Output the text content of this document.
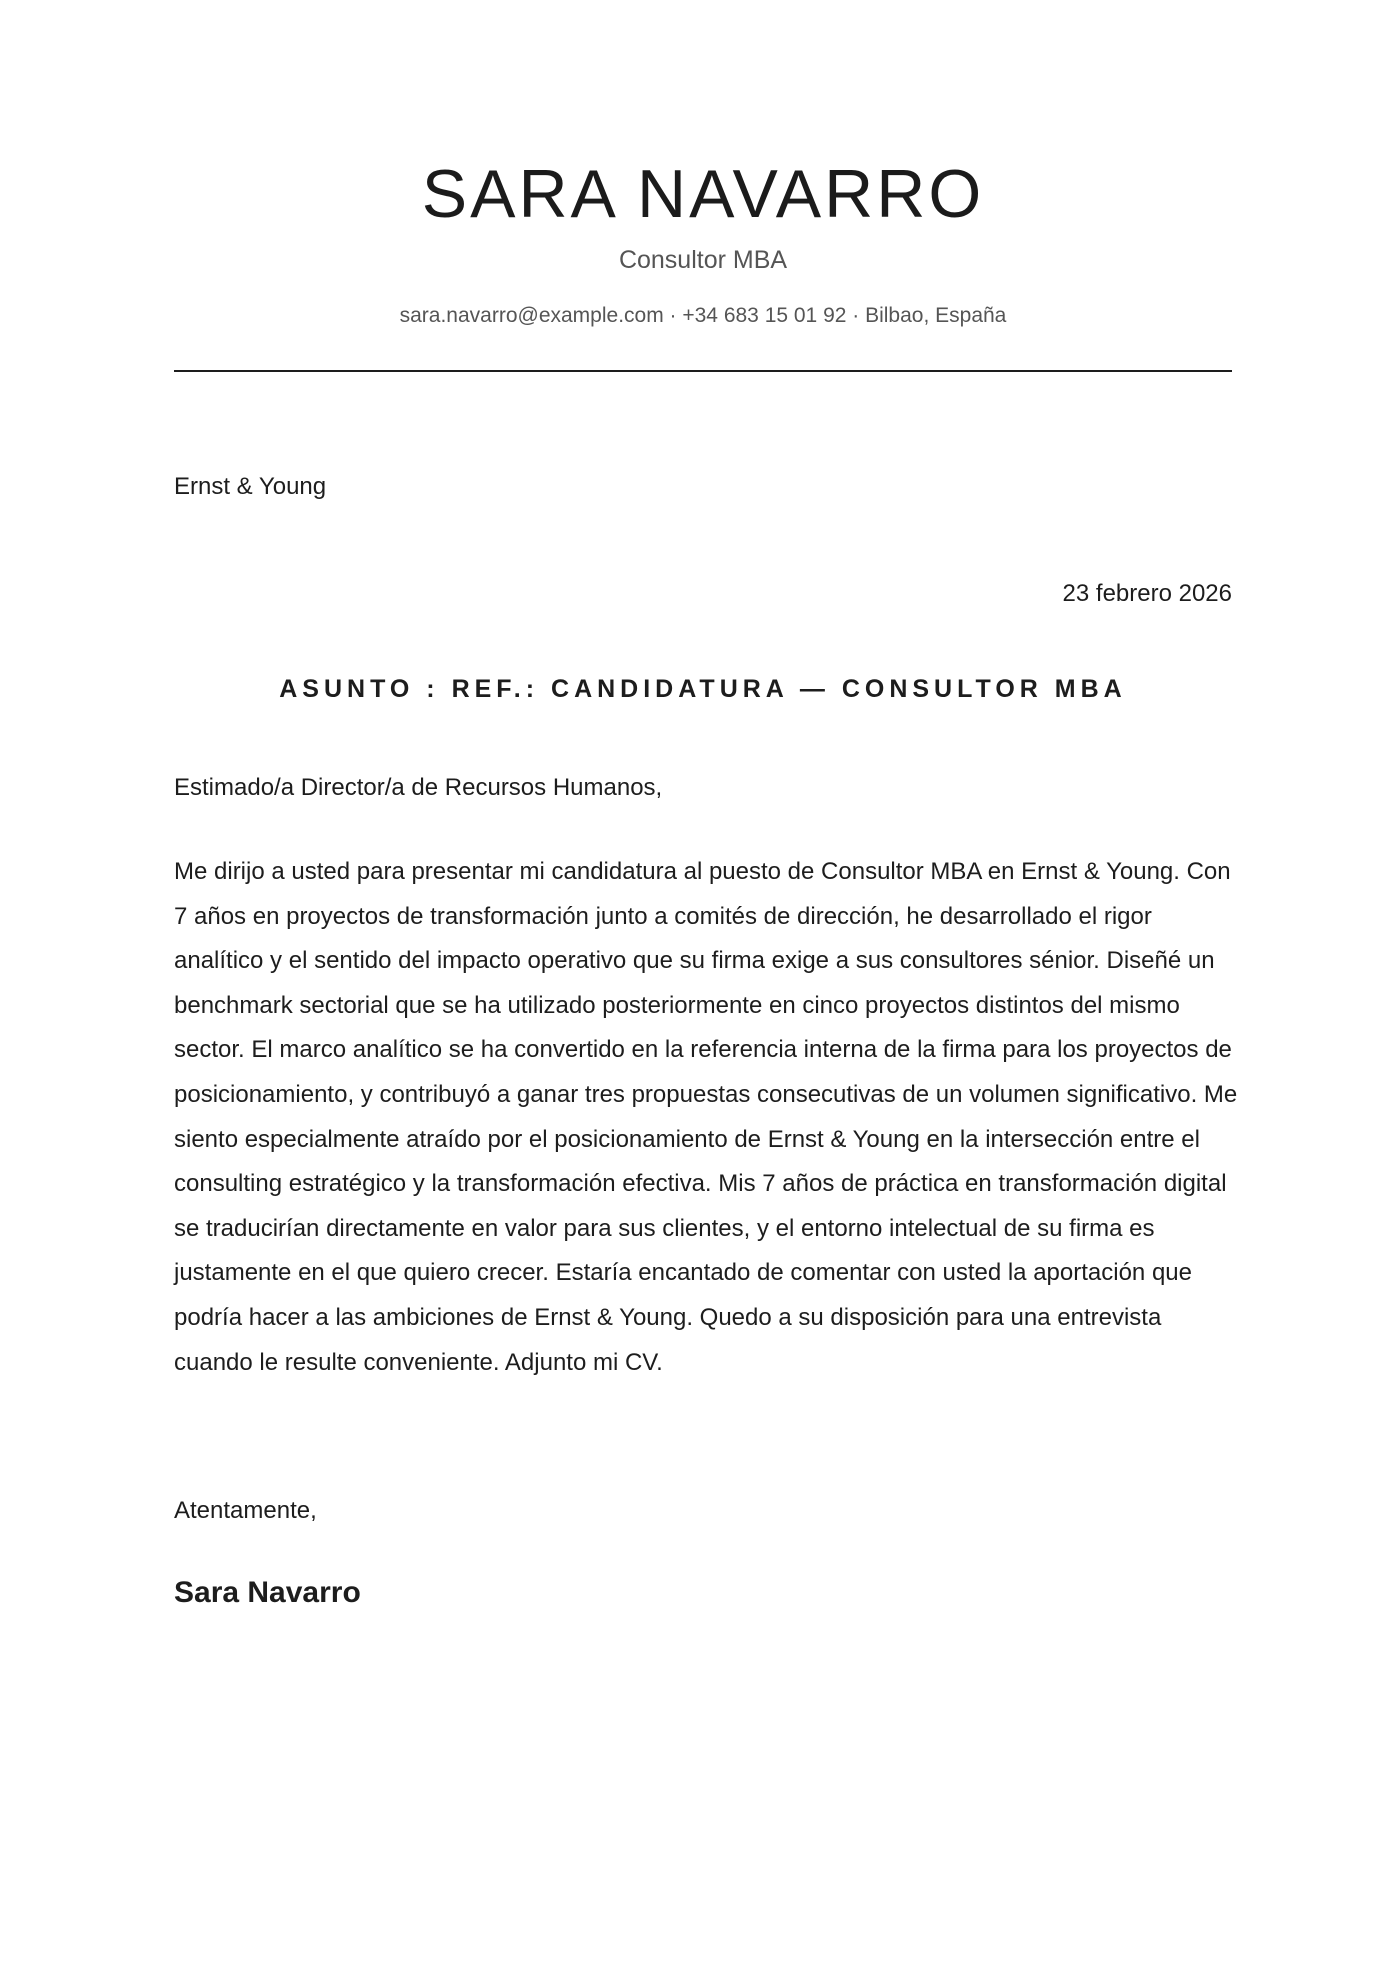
SARA NAVARRO
Consultor MBA
sara.navarro@example.com · +34 683 15 01 92 · Bilbao, España
Ernst & Young
23 febrero 2026
ASUNTO : REF.: CANDIDATURA — CONSULTOR MBA
Estimado/a Director/a de Recursos Humanos,

Me dirijo a usted para presentar mi candidatura al puesto de Consultor MBA en Ernst & Young. Con 7 años en proyectos de transformación junto a comités de dirección, he desarrollado el rigor analítico y el sentido del impacto operativo que su firma exige a sus consultores sénior. Diseñé un benchmark sectorial que se ha utilizado posteriormente en cinco proyectos distintos del mismo sector. El marco analítico se ha convertido en la referencia interna de la firma para los proyectos de posicionamiento, y contribuyó a ganar tres propuestas consecutivas de un volumen significativo. Me siento especialmente atraído por el posicionamiento de Ernst & Young en la intersección entre el consulting estratégico y la transformación efectiva. Mis 7 años de práctica en transformación digital se traducirían directamente en valor para sus clientes, y el entorno intelectual de su firma es justamente en el que quiero crecer. Estaría encantado de comentar con usted la aportación que podría hacer a las ambiciones de Ernst & Young. Quedo a su disposición para una entrevista cuando le resulte conveniente. Adjunto mi CV.

Atentamente,
Sara Navarro
